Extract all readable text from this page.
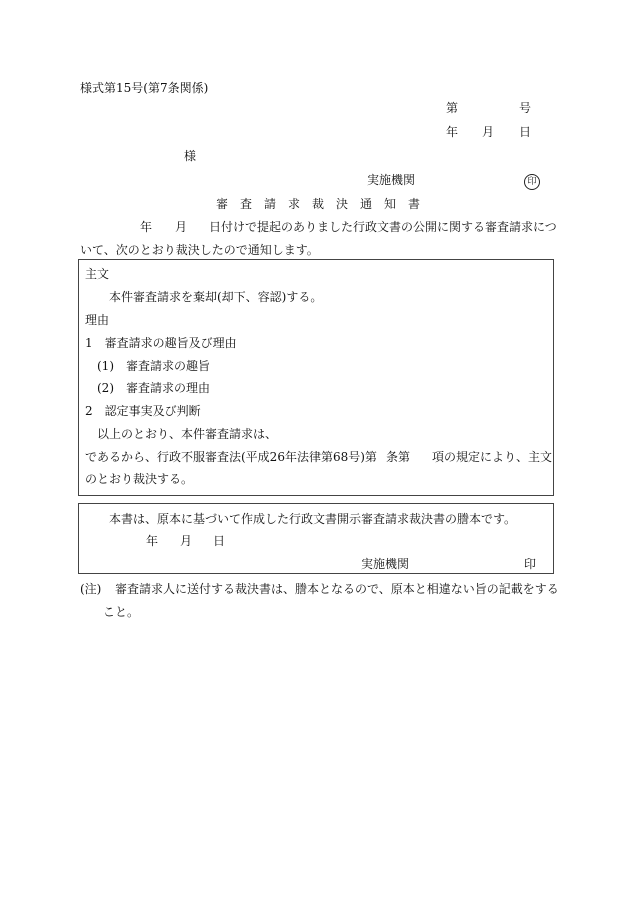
様式第15号(第7条関係)
第	号
年 月 日
様
実施機関	印
審査請求裁決通知書
年 月 日付けで提起のありました行政文書の公開に関する審査請求につ
いて、次のとおり裁決したので通知します。
主文
本件審査請求を棄却(却下、容認)する。
理由
1　審査請求の趣旨及び理由
(1)　審査請求の趣旨
(2)　審査請求の理由
2　認定事実及び判断
以上のとおり、本件審査請求は、
であるから、行政不服審査法(平成26年法律第68号)第 条第 項の規定により、主文
のとおり裁決する。
本書は、原本に基づいて作成した行政文書開示審査請求裁決書の謄本です。
年 月 日
実施機関	印
(注) 審査請求人に送付する裁決書は、謄本となるので、原本と相違ない旨の記載をする
こと。
